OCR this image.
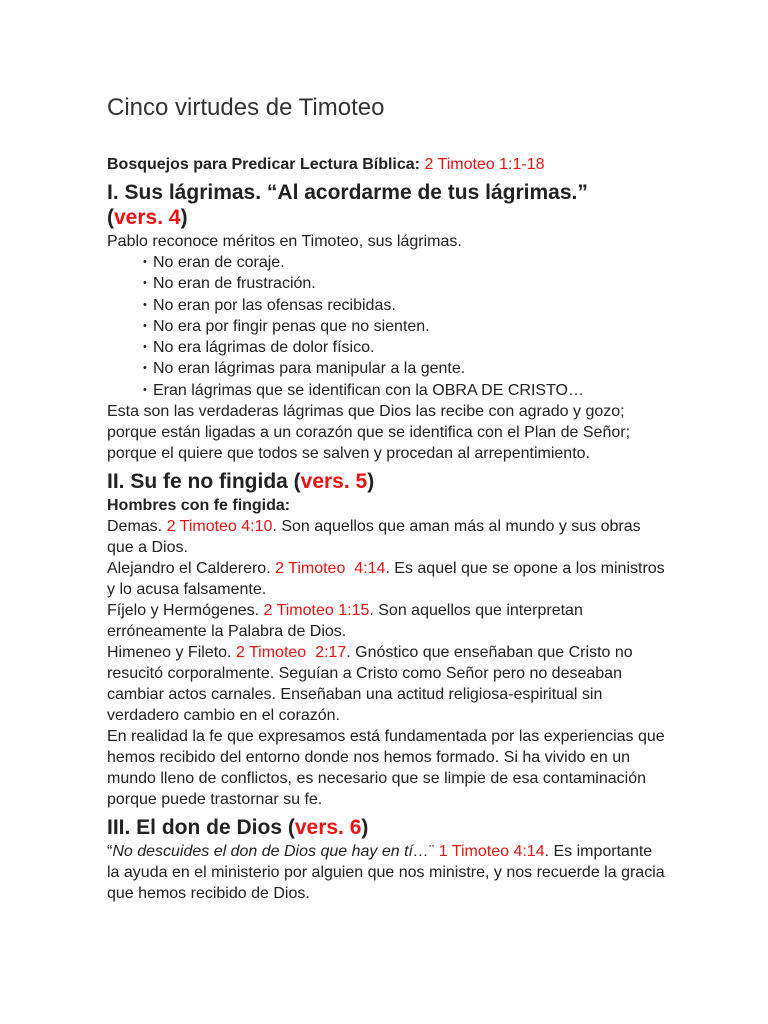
Cinco virtudes de Timoteo

Bosquejos para Predicar Lectura Bíblica: 2 Timoteo 1:1-18

I. Sus lágrimas. “Al acordarme de tus lágrimas.”
(vers. 4)

Pablo reconoce méritos en Timoteo, sus lágrimas.

• No eran de coraje.
• No eran de frustración.
• No eran por las ofensas recibidas.
• No era por fingir penas que no sienten.
• No era lágrimas de dolor físico.
• No eran lágrimas para manipular a la gente.
• Eran lágrimas que se identifican con la OBRA DE CRISTO…

Esta son las verdaderas lágrimas que Dios las recibe con agrado y gozo; porque están ligadas a un corazón que se identifica con el Plan de Señor; porque el quiere que todos se salven y procedan al arrepentimiento.

II. Su fe no fingida (vers. 5)

Hombres con fe fingida:

Demas. 2 Timoteo 4:10. Son aquellos que aman más al mundo y sus obras que a Dios.

Alejandro el Calderero. 2 Timoteo  4:14. Es aquel que se opone a los ministros y lo acusa falsamente.

Fíjelo y Hermógenes. 2 Timoteo 1:15. Son aquellos que interpretan erróneamente la Palabra de Dios.

Himeneo y Fileto. 2 Timoteo  2:17. Gnóstico que enseñaban que Cristo no resucitó corporalmente. Seguían a Cristo como Señor pero no deseaban cambiar actos carnales. Enseñaban una actitud religiosa-espiritual sin verdadero cambio en el corazón.

En realidad la fe que expresamos está fundamentada por las experiencias que hemos recibido del entorno donde nos hemos formado. Si ha vivido en un mundo lleno de conflictos, es necesario que se limpie de esa contaminación porque puede trastornar su fe.

III. El don de Dios (vers. 6)

“No descuides el don de Dios que hay en tí…¨ 1 Timoteo 4:14. Es importante la ayuda en el ministerio por alguien que nos ministre, y nos recuerde la gracia que hemos recibido de Dios.
